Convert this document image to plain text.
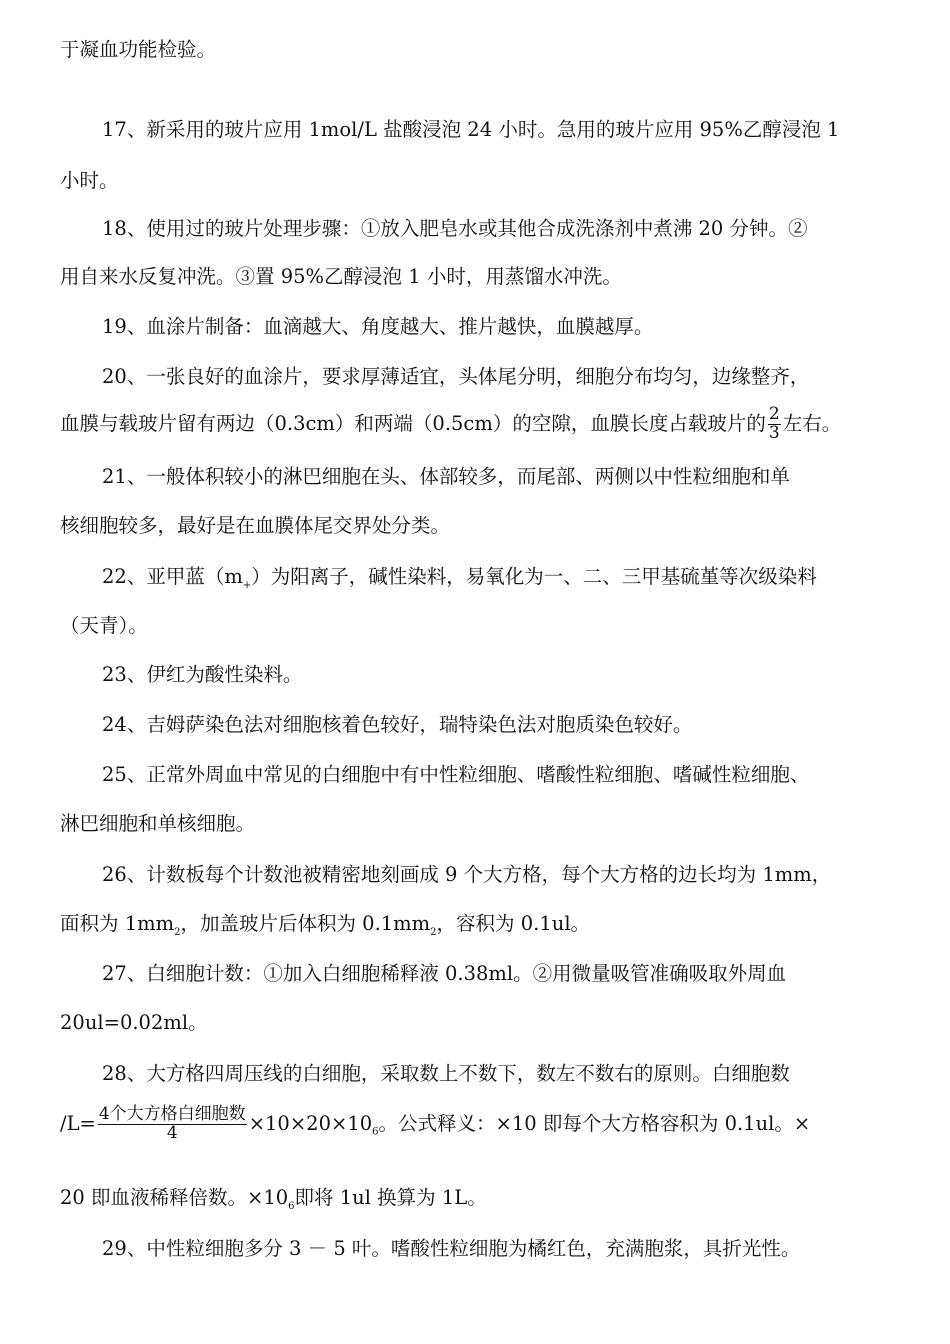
于凝血功能检验。
17、新采用的玻片应用 1mol/L 盐酸浸泡 24 小时。急用的玻片应用 95%乙醇浸泡 1
小时。
18、使用过的玻片处理步骤：①放入肥皂水或其他合成洗涤剂中煮沸 20 分钟。②
用自来水反复冲洗。③置 95%乙醇浸泡 1 小时，用蒸馏水冲洗。
19、血涂片制备：血滴越大、角度越大、推片越快，血膜越厚。
20、一张良好的血涂片，要求厚薄适宜，头体尾分明，细胞分布均匀，边缘整齐，
血膜与载玻片留有两边（0.3cm）和两端（0.5cm）的空隙，血膜长度占载玻片的 $\frac{2}{3}$ 左右。
21、一般体积较小的淋巴细胞在头、体部较多，而尾部、两侧以中性粒细胞和单
核细胞较多，最好是在血膜体尾交界处分类。
22、亚甲蓝$(m_+)$为阳离子，碱性染料，易氧化为一、二、三甲基硫堇等次级染料
（天青）。
23、伊红为酸性染料。
24、吉姆萨染色法对细胞核着色较好，瑞特染色法对胞质染色较好。
25、正常外周血中常见的白细胞中有中性粒细胞、嗜酸性粒细胞、嗜碱性粒细胞、
淋巴细胞和单核细胞。
26、计数板每个计数池被精密地刻画成 9 个大方格，每个大方格的边长均为 1mm，
面积为 $1mm_2$，加盖玻片后体积为 $0.1mm_2$，容积为 0.1ul。
27、白细胞计数：①加入白细胞稀释液 0.38ml。②用微量吸管准确吸取外周血
20ul=0.02ml。
28、大方格四周压线的白细胞，采取数上不数下，数左不数右的原则。白细胞数
$/L= \frac{\text{4个大方格白细胞数}}{4} \times 10\times 20\times 10_6$。公式释义：×10 即每个大方格容积为 0.1ul。×
20 即血液稀释倍数。$\times 10_6$即将 1ul 换算为 1L。
29、中性粒细胞多分 3 － 5 叶。嗜酸性粒细胞为橘红色，充满胞浆，具折光性。
